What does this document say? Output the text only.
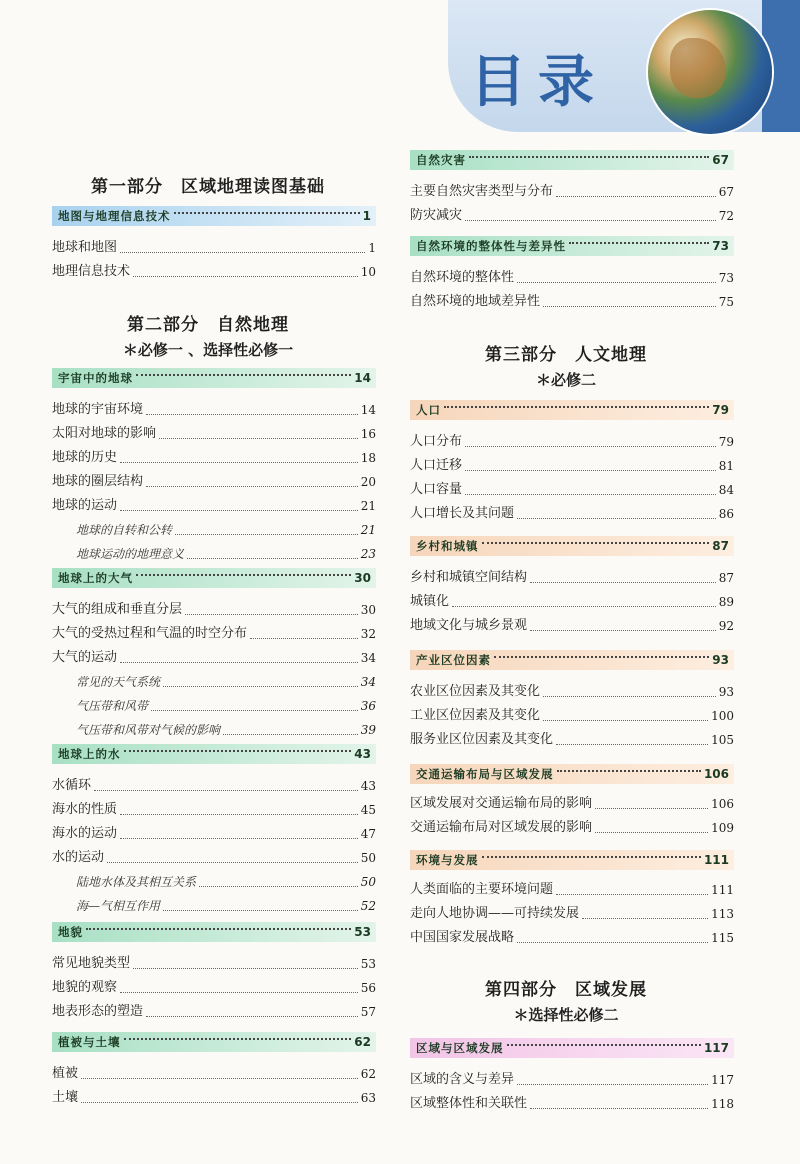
目录
第一部分　区域地理读图基础
第二部分　自然地理
＊必修一 、选择性必修一
地图与地理信息技术	1
地球和地图	1
地理信息技术	10
宇宙中的地球	14
地球的宇宙环境	14
太阳对地球的影响	16
地球的历史	18
地球的圈层结构	20
地球的运动	21
地球的自转和公转	21
地球运动的地理意义	23
地球上的大气	30
大气的组成和垂直分层	30
大气的受热过程和气温的时空分布	32
大气的运动	34
常见的天气系统	34
气压带和风带	36
气压带和风带对气候的影响	39
地球上的水	43
水循环	43
海水的性质	45
海水的运动	47
水的运动	50
陆地水体及其相互关系	50
海—气相互作用	52
地貌	53
常见地貌类型	53
地貌的观察	56
地表形态的塑造	57
植被与土壤	62
植被	62
土壤	63
第三部分　人文地理
＊必修二
第四部分　区域发展
＊选择性必修二
自然灾害	67
主要自然灾害类型与分布	67
防灾减灾	72
自然环境的整体性与差异性	73
自然环境的整体性	73
自然环境的地域差异性	75
人口	79
人口分布	79
人口迁移	81
人口容量	84
人口增长及其问题	86
乡村和城镇	87
乡村和城镇空间结构	87
城镇化	89
地域文化与城乡景观	92
产业区位因素	93
农业区位因素及其变化	93
工业区位因素及其变化	100
服务业区位因素及其变化	105
交通运输布局与区域发展	106
区域发展对交通运输布局的影响	106
交通运输布局对区域发展的影响	109
环境与发展	111
人类面临的主要环境问题	111
走向人地协调——可持续发展	113
中国国家发展战略	115
区域与区域发展	117
区域的含义与差异	117
区域整体性和关联性	118
